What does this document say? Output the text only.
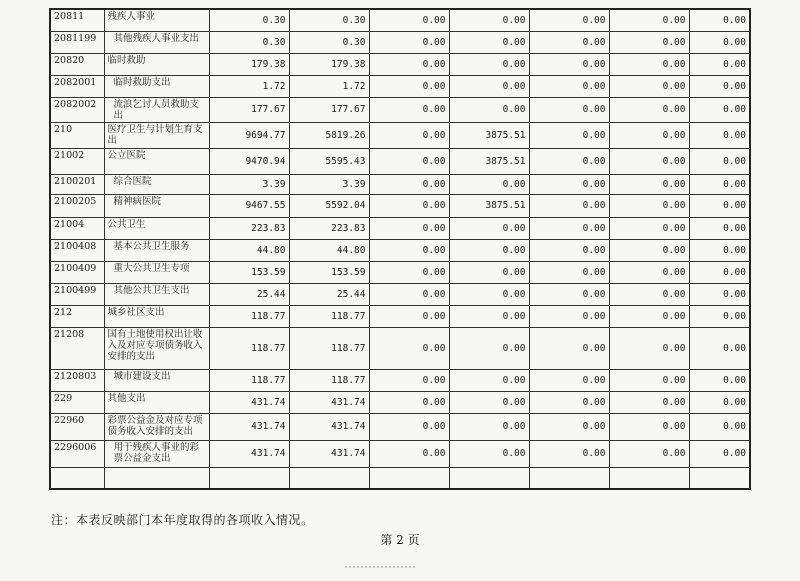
20811	残疾人事业	0.30	0.30	0.00	0.00	0.00	0.00	0.00
2081199	其他残疾人事业支出	0.30	0.30	0.00	0.00	0.00	0.00	0.00
20820	临时救助	179.38	179.38	0.00	0.00	0.00	0.00	0.00
2082001	临时救助支出	1.72	1.72	0.00	0.00	0.00	0.00	0.00
2082002	流浪乞讨人员救助支出	177.67	177.67	0.00	0.00	0.00	0.00	0.00
210	医疗卫生与计划生育支出	9694.77	5819.26	0.00	3875.51	0.00	0.00	0.00
21002	公立医院	9470.94	5595.43	0.00	3875.51	0.00	0.00	0.00
2100201	综合医院	3.39	3.39	0.00	0.00	0.00	0.00	0.00
2100205	精神病医院	9467.55	5592.04	0.00	3875.51	0.00	0.00	0.00
21004	公共卫生	223.83	223.83	0.00	0.00	0.00	0.00	0.00
2100408	基本公共卫生服务	44.80	44.80	0.00	0.00	0.00	0.00	0.00
2100409	重大公共卫生专项	153.59	153.59	0.00	0.00	0.00	0.00	0.00
2100499	其他公共卫生支出	25.44	25.44	0.00	0.00	0.00	0.00	0.00
212	城乡社区支出	118.77	118.77	0.00	0.00	0.00	0.00	0.00
21208	国有土地使用权出让收入及对应专项债务收入安排的支出	118.77	118.77	0.00	0.00	0.00	0.00	0.00
2120803	城市建设支出	118.77	118.77	0.00	0.00	0.00	0.00	0.00
229	其他支出	431.74	431.74	0.00	0.00	0.00	0.00	0.00
22960	彩票公益金及对应专项债务收入安排的支出	431.74	431.74	0.00	0.00	0.00	0.00	0.00
2296006	用于残疾人事业的彩票公益金支出	431.74	431.74	0.00	0.00	0.00	0.00	0.00

注：本表反映部门本年度取得的各项收入情况。
第 2 页
